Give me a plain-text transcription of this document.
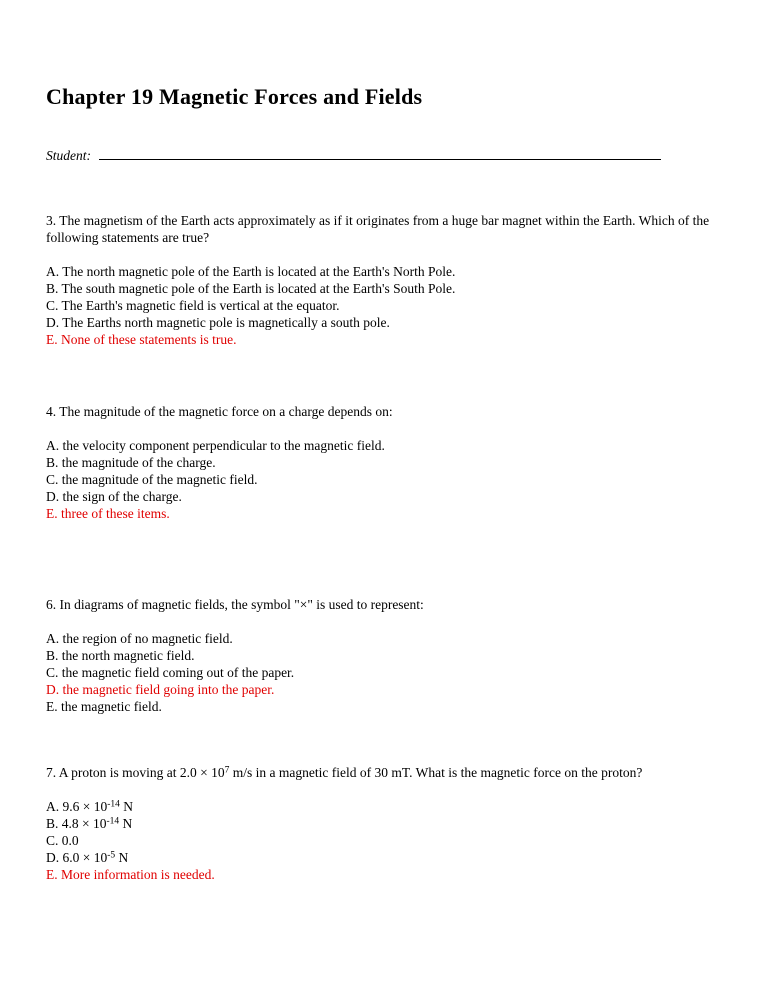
Chapter 19 Magnetic Forces and Fields
Student:

3. The magnetism of the Earth acts approximately as if it originates from a huge bar magnet within the Earth. Which of the following statements are true?

A. The north magnetic pole of the Earth is located at the Earth's North Pole.

B. The south magnetic pole of the Earth is located at the Earth's South Pole.

C. The Earth's magnetic field is vertical at the equator.

D. The Earths north magnetic pole is magnetically a south pole.

E. None of these statements is true.

4. The magnitude of the magnetic force on a charge depends on:

A. the velocity component perpendicular to the magnetic field.

B. the magnitude of the charge.

C. the magnitude of the magnetic field.

D. the sign of the charge.

E. three of these items.

6. In diagrams of magnetic fields, the symbol "×" is used to represent:

A. the region of no magnetic field.

B. the north magnetic field.

C. the magnetic field coming out of the paper.

D. the magnetic field going into the paper.

E. the magnetic field.

7. A proton is moving at $2.0 \times 10^7$ m/s in a magnetic field of 30 mT. What is the magnetic force on the proton?

A. $9.6 \times 10^{-14}$ N

B. $4.8 \times 10^{-14}$ N

C. 0.0

D. $6.0 \times 10^{-5}$ N

E. More information is needed.
